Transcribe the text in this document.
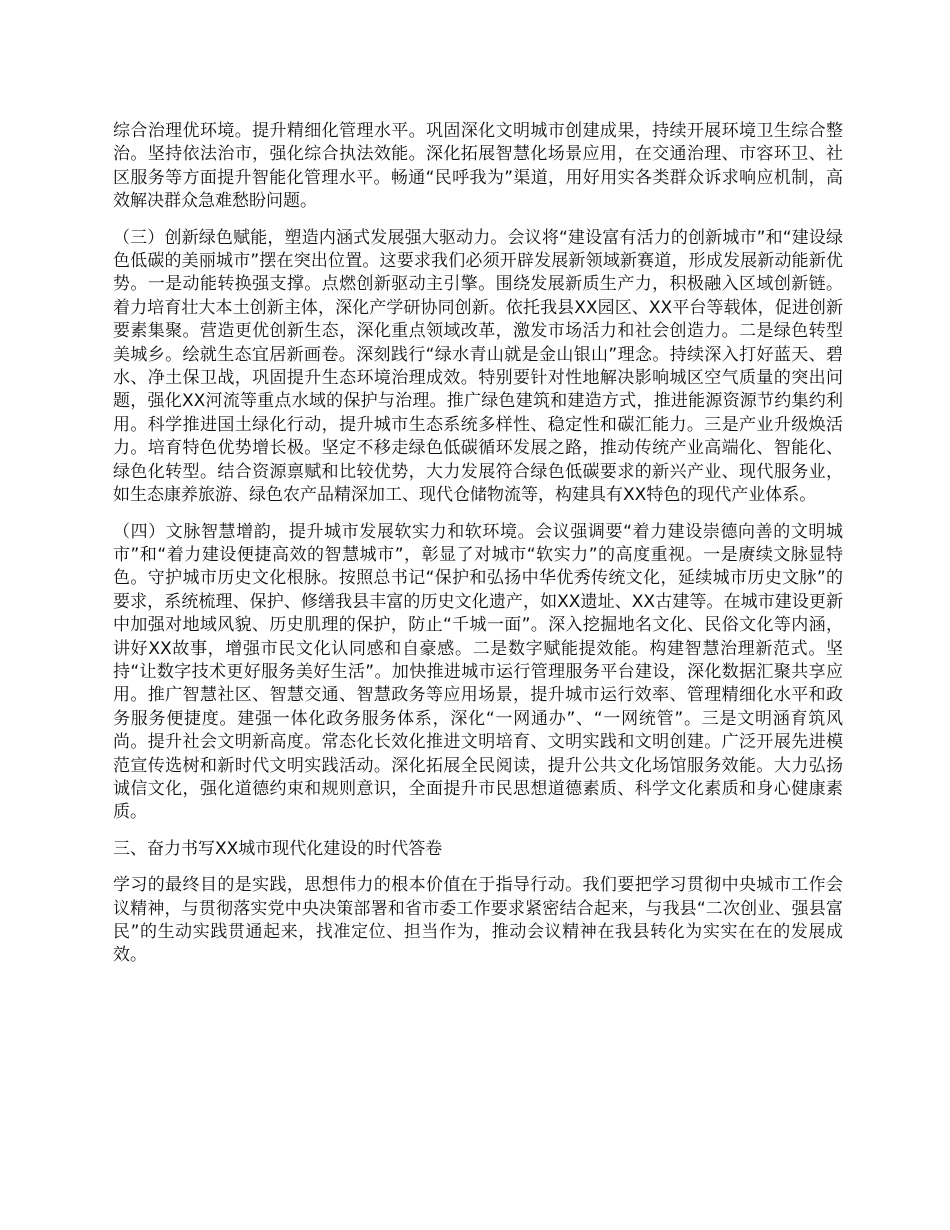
综合治理优环境。提升精细化管理水平。巩固深化文明城市创建成果，持续开展环境卫生综合整治。坚持依法治市，强化综合执法效能。深化拓展智慧化场景应用，在交通治理、市容环卫、社区服务等方面提升智能化管理水平。畅通“民呼我为”渠道，用好用实各类群众诉求响应机制，高效解决群众急难愁盼问题。

（三）创新绿色赋能，塑造内涵式发展强大驱动力。会议将“建设富有活力的创新城市”和“建设绿色低碳的美丽城市”摆在突出位置。这要求我们必须开辟发展新领域新赛道，形成发展新动能新优势。一是动能转换强支撑。点燃创新驱动主引擎。围绕发展新质生产力，积极融入区域创新链。着力培育壮大本土创新主体，深化产学研协同创新。依托我县XX园区、XX平台等载体，促进创新要素集聚。营造更优创新生态，深化重点领域改革，激发市场活力和社会创造力。二是绿色转型美城乡。绘就生态宜居新画卷。深刻践行“绿水青山就是金山银山”理念。持续深入打好蓝天、碧水、净土保卫战，巩固提升生态环境治理成效。特别要针对性地解决影响城区空气质量的突出问题，强化XX河流等重点水域的保护与治理。推广绿色建筑和建造方式，推进能源资源节约集约利用。科学推进国土绿化行动，提升城市生态系统多样性、稳定性和碳汇能力。三是产业升级焕活力。培育特色优势增长极。坚定不移走绿色低碳循环发展之路，推动传统产业高端化、智能化、绿色化转型。结合资源禀赋和比较优势，大力发展符合绿色低碳要求的新兴产业、现代服务业，如生态康养旅游、绿色农产品精深加工、现代仓储物流等，构建具有XX特色的现代产业体系。

（四）文脉智慧增韵，提升城市发展软实力和软环境。会议强调要“着力建设崇德向善的文明城市”和“着力建设便捷高效的智慧城市”，彰显了对城市“软实力”的高度重视。一是赓续文脉显特色。守护城市历史文化根脉。按照总书记“保护和弘扬中华优秀传统文化，延续城市历史文脉”的要求，系统梳理、保护、修缮我县丰富的历史文化遗产，如XX遗址、XX古建等。在城市建设更新中加强对地域风貌、历史肌理的保护，防止“千城一面”。深入挖掘地名文化、民俗文化等内涵，讲好XX故事，增强市民文化认同感和自豪感。二是数字赋能提效能。构建智慧治理新范式。坚持“让数字技术更好服务美好生活”。加快推进城市运行管理服务平台建设，深化数据汇聚共享应用。推广智慧社区、智慧交通、智慧政务等应用场景，提升城市运行效率、管理精细化水平和政务服务便捷度。建强一体化政务服务体系，深化“一网通办”、“一网统管”。三是文明涵育筑风尚。提升社会文明新高度。常态化长效化推进文明培育、文明实践和文明创建。广泛开展先进模范宣传选树和新时代文明实践活动。深化拓展全民阅读，提升公共文化场馆服务效能。大力弘扬诚信文化，强化道德约束和规则意识，全面提升市民思想道德素质、科学文化素质和身心健康素质。

三、奋力书写XX城市现代化建设的时代答卷

学习的最终目的是实践，思想伟力的根本价值在于指导行动。我们要把学习贯彻中央城市工作会议精神，与贯彻落实党中央决策部署和省市委工作要求紧密结合起来，与我县“二次创业、强县富民”的生动实践贯通起来，找准定位、担当作为，推动会议精神在我县转化为实实在在的发展成效。
